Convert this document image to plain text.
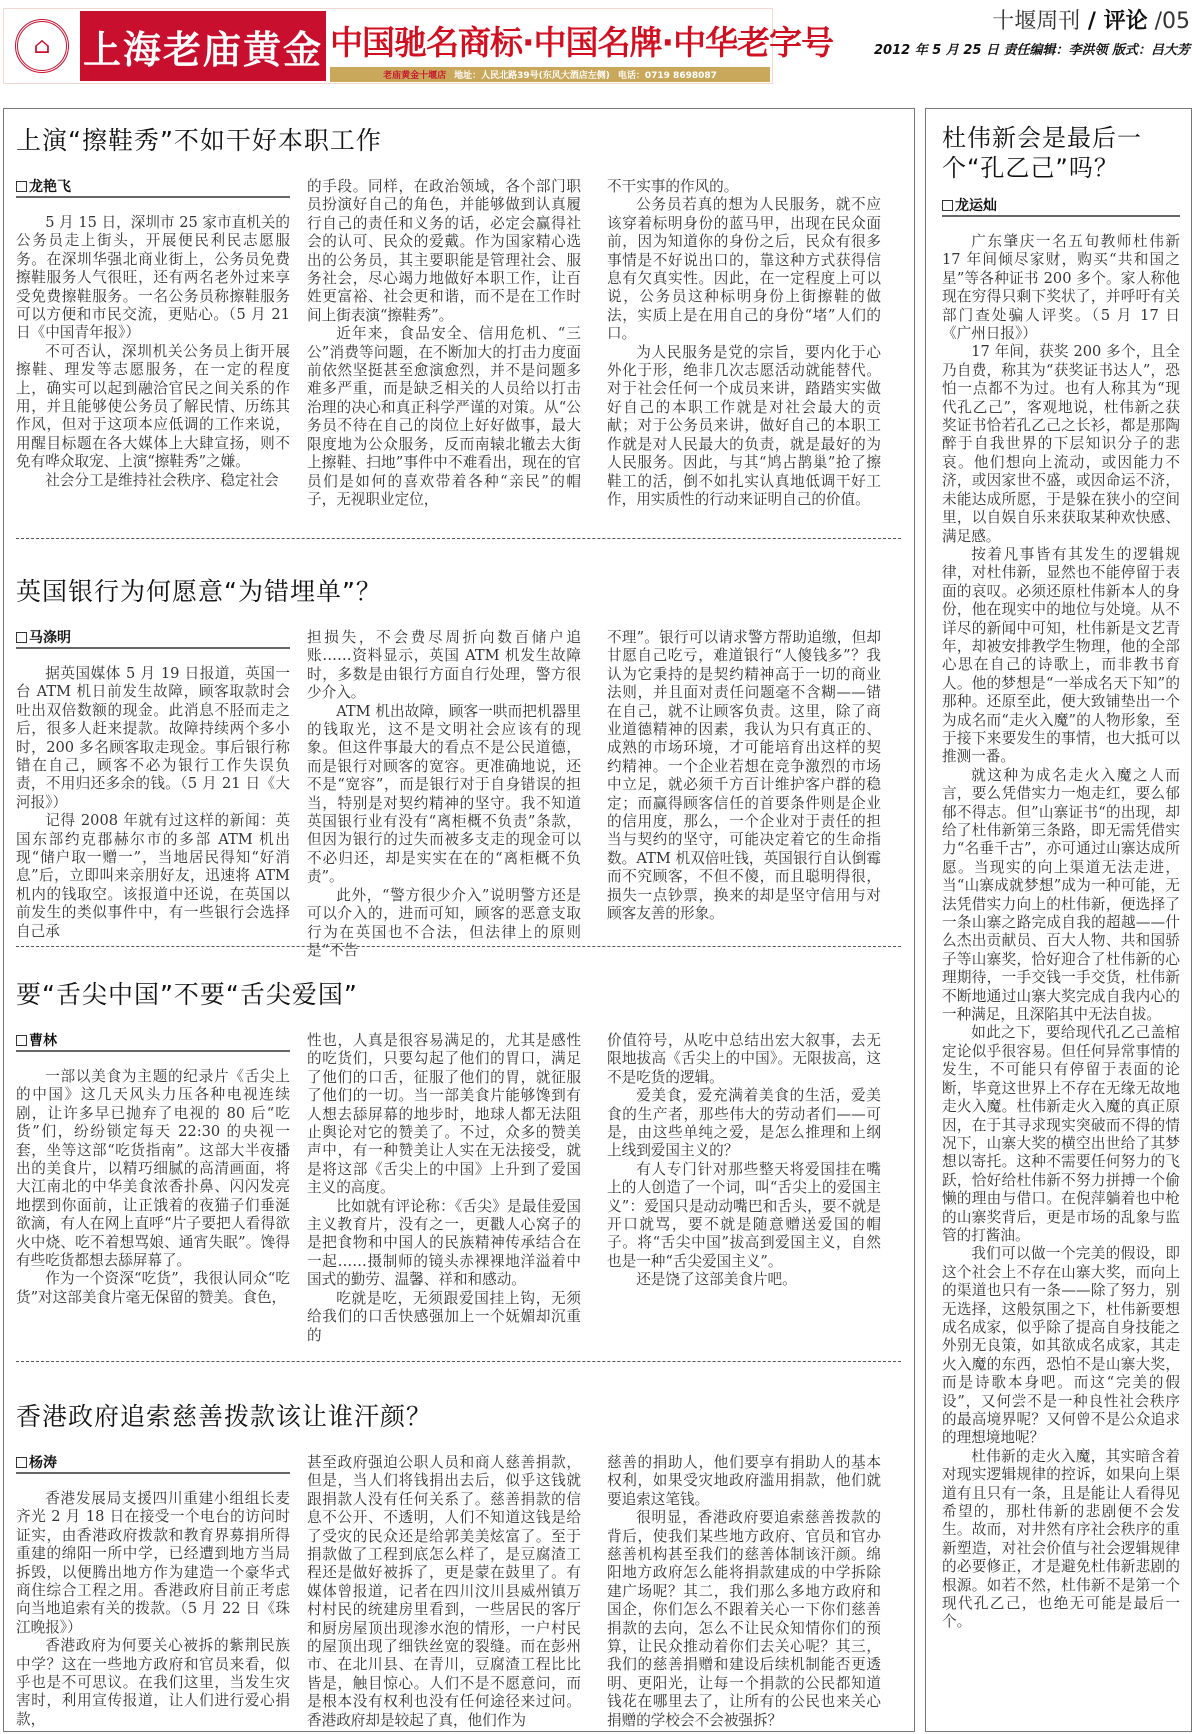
⌂ 上海老庙黄金 中国驰名商标·中国名牌·中华老字号
老庙黄金十堰店 地址：人民北路39号(东风大酒店左侧) 电话：0719 8698087
十堰周刊 / 评论 /05
2012 年 5 月 25 日 责任编辑：李洪领 版式：吕大芳
上演“擦鞋秀”不如干好本职工作
龙艳飞

5 月 15 日，深圳市 25 家市直机关的公务员走上街头，开展便民利民志愿服务。在深圳华强北商业街上，公务员免费擦鞋服务人气很旺，还有两名老外过来享受免费擦鞋服务。一名公务员称擦鞋服务可以方便和市民交流，更贴心。（5 月 21 日《中国青年报》）

不可否认，深圳机关公务员上街开展擦鞋、理发等志愿服务，在一定的程度上，确实可以起到融洽官民之间关系的作用，并且能够使公务员了解民情、历练其作风，但对于这项本应低调的工作来说，用醒目标题在各大媒体上大肆宣扬，则不免有哗众取宠、上演“擦鞋秀”之嫌。

社会分工是维持社会秩序、稳定社会

的手段。同样，在政治领域，各个部门职员扮演好自己的角色，并能够做到认真履行自己的责任和义务的话，必定会赢得社会的认可、民众的爱戴。作为国家精心选出的公务员，其主要职能是管理社会、服务社会，尽心竭力地做好本职工作，让百姓更富裕、社会更和谐，而不是在工作时间上街表演“擦鞋秀”。

近年来，食品安全、信用危机、“三公”消费等问题，在不断加大的打击力度面前依然坚挺甚至愈演愈烈，并不是问题多难多严重，而是缺乏相关的人员给以打击治理的决心和真正科学严谨的对策。从“公务员不待在自己的岗位上好好做事，最大限度地为公众服务，反而南辕北辙去大街上擦鞋、扫地”事件中不难看出，现在的官员们是如何的喜欢带着各种“亲民”的帽子，无视职业定位，

不干实事的作风的。

公务员若真的想为人民服务，就不应该穿着标明身份的蓝马甲，出现在民众面前，因为知道你的身份之后，民众有很多事情是不好说出口的，靠这种方式获得信息有欠真实性。因此，在一定程度上可以说，公务员这种标明身份上街擦鞋的做法，实质上是在用自己的身份“堵”人们的口。

为人民服务是党的宗旨，要内化于心外化于形，绝非几次志愿活动就能替代。对于社会任何一个成员来讲，踏踏实实做好自己的本职工作就是对社会最大的贡献；对于公务员来讲，做好自己的本职工作就是对人民最大的负责，就是最好的为人民服务。因此，与其“鸠占鹊巢”抢了擦鞋工的活，倒不如扎实认真地低调干好工作，用实质性的行动来证明自己的价值。

英国银行为何愿意“为错埋单”？
马涤明

据英国媒体 5 月 19 日报道，英国一台 ATM 机日前发生故障，顾客取款时会吐出双倍数额的现金。此消息不胫而走之后，很多人赶来提款。故障持续两个多小时，200 多名顾客取走现金。事后银行称错在自己，顾客不必为银行工作失误负责，不用归还多余的钱。（5 月 21 日《大河报》）

记得 2008 年就有过这样的新闻：英国东部约克郡赫尔市的多部 ATM 机出现“储户取一赠一”，当地居民得知“好消息”后，立即叫来亲朋好友，迅速将 ATM 机内的钱取空。该报道中还说，在英国以前发生的类似事件中，有一些银行会选择自己承

担损失，不会费尽周折向数百储户追账……资料显示，英国 ATM 机发生故障时，多数是由银行方面自行处理，警方很少介入。

ATM 机出故障，顾客一哄而把机器里的钱取光，这不是文明社会应该有的现象。但这件事最大的看点不是公民道德，而是银行对顾客的宽容。更准确地说，还不是“宽容”，而是银行对于自身错误的担当，特别是对契约精神的坚守。我不知道英国银行业有没有“离柜概不负责”条款，但因为银行的过失而被多支走的现金可以不必归还，却是实实在在的“离柜概不负责”。

此外，“警方很少介入”说明警方还是可以介入的，进而可知，顾客的恶意支取行为在英国也不合法，但法律上的原则是“不告

不理”。银行可以请求警方帮助追缴，但却甘愿自己吃亏，难道银行“人傻钱多”？我认为它秉持的是契约精神高于一切的商业法则，并且面对责任问题毫不含糊——错在自己，就不让顾客负责。这里，除了商业道德精神的因素，我认为只有真正的、成熟的市场环境，才可能培育出这样的契约精神。一个企业若想在竞争激烈的市场中立足，就必须千方百计维护客户群的稳定；而赢得顾客信任的首要条件则是企业的信用度，那么，一个企业对于责任的担当与契约的坚守，可能决定着它的生命指数。ATM 机双倍吐钱，英国银行自认倒霉而不究顾客，不但不傻，而且聪明得很，损失一点钞票，换来的却是坚守信用与对顾客友善的形象。

要“舌尖中国”不要“舌尖爱国”
曹林

一部以美食为主题的纪录片《舌尖上的中国》这几天风头力压各种电视连续剧，让许多早已抛弃了电视的 80 后“吃货”们，纷纷锁定每天 22:30 的央视一套，坐等这部“吃货指南”。这部大半夜播出的美食片，以精巧细腻的高清画面，将大江南北的中华美食浓香扑鼻、闪闪发亮地摆到你面前，让正饿着的夜猫子们垂涎欲滴，有人在网上直呼“片子要把人看得欲火中烧、吃不着想骂娘、通宵失眠”。馋得有些吃货都想去舔屏幕了。

作为一个资深“吃货”，我很认同众“吃货”对这部美食片毫无保留的赞美。食色，

性也，人真是很容易满足的，尤其是感性的吃货们，只要勾起了他们的胃口，满足了他们的口舌，征服了他们的胃，就征服了他们的一切。当一部美食片能够馋到有人想去舔屏幕的地步时，地球人都无法阻止舆论对它的赞美了。不过，众多的赞美声中，有一种赞美让人实在无法接受，就是将这部《舌尖上的中国》上升到了爱国主义的高度。

比如就有评论称：《舌尖》是最佳爱国主义教育片，没有之一，更戳人心窝子的是把食物和中国人的民族精神传承结合在一起……摄制师的镜头赤裸裸地洋溢着中国式的勤劳、温馨、祥和和感动。

吃就是吃，无须跟爱国挂上钩，无须给我们的口舌快感强加上一个妩媚却沉重的

价值符号，从吃中总结出宏大叙事，去无限地拔高《舌尖上的中国》。无限拔高，这不是吃货的逻辑。

爱美食，爱充满着美食的生活，爱美食的生产者，那些伟大的劳动者们——可是，由这些单纯之爱，是怎么推理和上纲上线到爱国主义的？

有人专门针对那些整天将爱国挂在嘴上的人创造了一个词，叫“舌尖上的爱国主义”：爱国只是动动嘴巴和舌头，要不就是开口就骂，要不就是随意赠送爱国的帽子。将“舌尖中国”拔高到爱国主义，自然也是一种“舌尖爱国主义”。

还是饶了这部美食片吧。

香港政府追索慈善拨款该让谁汗颜？
杨涛

香港发展局支援四川重建小组组长麦齐光 2 月 18 日在接受一个电台的访问时证实，由香港政府拨款和教育界募捐所得重建的绵阳一所中学，已经遭到地方当局拆毁，以便腾出地方作为建造一个豪华式商住综合工程之用。香港政府目前正考虑向当地追索有关的拨款。（5 月 22 日《珠江晚报》）

香港政府为何要关心被拆的紫荆民族中学？这在一些地方政府和官员来看，似乎也是不可思议。在我们这里，当发生灾害时，利用宣传报道，让人们进行爱心捐款，

甚至政府强迫公职人员和商人慈善捐款，但是，当人们将钱捐出去后，似乎这钱就跟捐款人没有任何关系了。慈善捐款的信息不公开、不透明，人们不知道这钱是给了受灾的民众还是给郭美美炫富了。至于捐款做了工程到底怎么样了，是豆腐渣工程还是做好被拆了，更是蒙在鼓里了。有媒体曾报道，记者在四川汶川县威州镇万村村民的统建房里看到，一些居民的客厅和厨房屋顶出现渗水泡的情形，一户村民的屋顶出现了细铁丝宽的裂缝。而在彭州市、在北川县、在青川，豆腐渣工程比比皆是，触目惊心。人们不是不愿意问，而是根本没有权利也没有任何途径来过问。香港政府却是较起了真，他们作为

慈善的捐助人，他们要享有捐助人的基本权利，如果受灾地政府滥用捐款，他们就要追索这笔钱。

很明显，香港政府要追索慈善拨款的背后，使我们某些地方政府、官员和官办慈善机构甚至我们的慈善体制该汗颜。绵阳地方政府怎么能将捐款建成的中学拆除建广场呢？其二，我们那么多地方政府和国企，你们怎么不跟着关心一下你们慈善捐款的去向，怎么不让民众知情你们的预算，让民众推动着你们去关心呢？其三，我们的慈善捐赠和建设后续机制能否更透明、更阳光，让每一个捐款的公民都知道钱花在哪里去了，让所有的公民也来关心捐赠的学校会不会被强拆？

杜伟新会是最后一个“孔乙己”吗？
龙运灿

广东肇庆一名五旬教师杜伟新 17 年间倾尽家财，购买“共和国之星”等各种证书 200 多个。家人称他现在穷得只剩下奖状了，并呼吁有关部门查处骗人评奖。（5 月 17 日《广州日报》）

17 年间，获奖 200 多个，且全乃自费，称其为“获奖证书达人”，恐怕一点都不为过。也有人称其为“现代孔乙己”，客观地说，杜伟新之获奖证书恰若孔乙己之长衫，都是那陶醉于自我世界的下层知识分子的悲哀。他们想向上流动，或因能力不济，或因家世不盛，或因命运不济，未能达成所愿，于是躲在狭小的空间里，以自娱自乐来获取某种欢快感、满足感。

按着凡事皆有其发生的逻辑规律，对杜伟新，显然也不能停留于表面的哀叹。必须还原杜伟新本人的身份，他在现实中的地位与处境。从不详尽的新闻中可知，杜伟新是文艺青年，却被安排教学生物理，他的全部心思在自己的诗歌上，而非教书育人。他的梦想是“一举成名天下知”的那种。还原至此，便大致铺垫出一个为成名而“走火入魔”的人物形象，至于接下来要发生的事情，也大抵可以推测一番。

就这种为成名走火入魔之人而言，要么凭借实力一炮走红，要么郁郁不得志。但”山寨证书“的出现，却给了杜伟新第三条路，即无需凭借实力“名垂千古”，亦可通过山寨达成所愿。当现实的向上渠道无法走进，当“山寨成就梦想”成为一种可能，无法凭借实力向上的杜伟新，便选择了一条山寨之路完成自我的超越——什么杰出贡献员、百大人物、共和国骄子等山寨奖，恰好迎合了杜伟新的心理期待，一手交钱一手交货，杜伟新不断地通过山寨大奖完成自我内心的一种满足，且深陷其中无法自拔。

如此之下，要给现代孔乙己盖棺定论似乎很容易。但任何异常事情的发生，不可能只有停留于表面的论断，毕竟这世界上不存在无缘无故地走火入魔。杜伟新走火入魔的真正原因，在于其寻求现实突破而不得的情况下，山寨大奖的横空出世给了其梦想以寄托。这种不需要任何努力的飞跃，恰好给杜伟新不努力拼搏一个偷懒的理由与借口。在倪萍躺着也中枪的山寨奖背后，更是市场的乱象与监管的打酱油。

我们可以做一个完美的假设，即这个社会上不存在山寨大奖，而向上的渠道也只有一条——除了努力，别无选择，这般氛围之下，杜伟新要想成名成家，似乎除了提高自身技能之外别无良策，如其欲成名成家，其走火入魔的东西，恐怕不是山寨大奖，而是诗歌本身吧。而这“完美的假设”，又何尝不是一种良性社会秩序的最高境界呢？又何曾不是公众追求的理想境地呢？

杜伟新的走火入魔，其实暗含着对现实逻辑规律的控诉，如果向上渠道有且只有一条，且是能让人看得见希望的，那杜伟新的悲剧便不会发生。故而，对井然有序社会秩序的重新塑造，对社会价值与社会逻辑规律的必要修正，才是避免杜伟新悲剧的根源。如若不然，杜伟新不是第一个现代孔乙己，也绝无可能是最后一个。
